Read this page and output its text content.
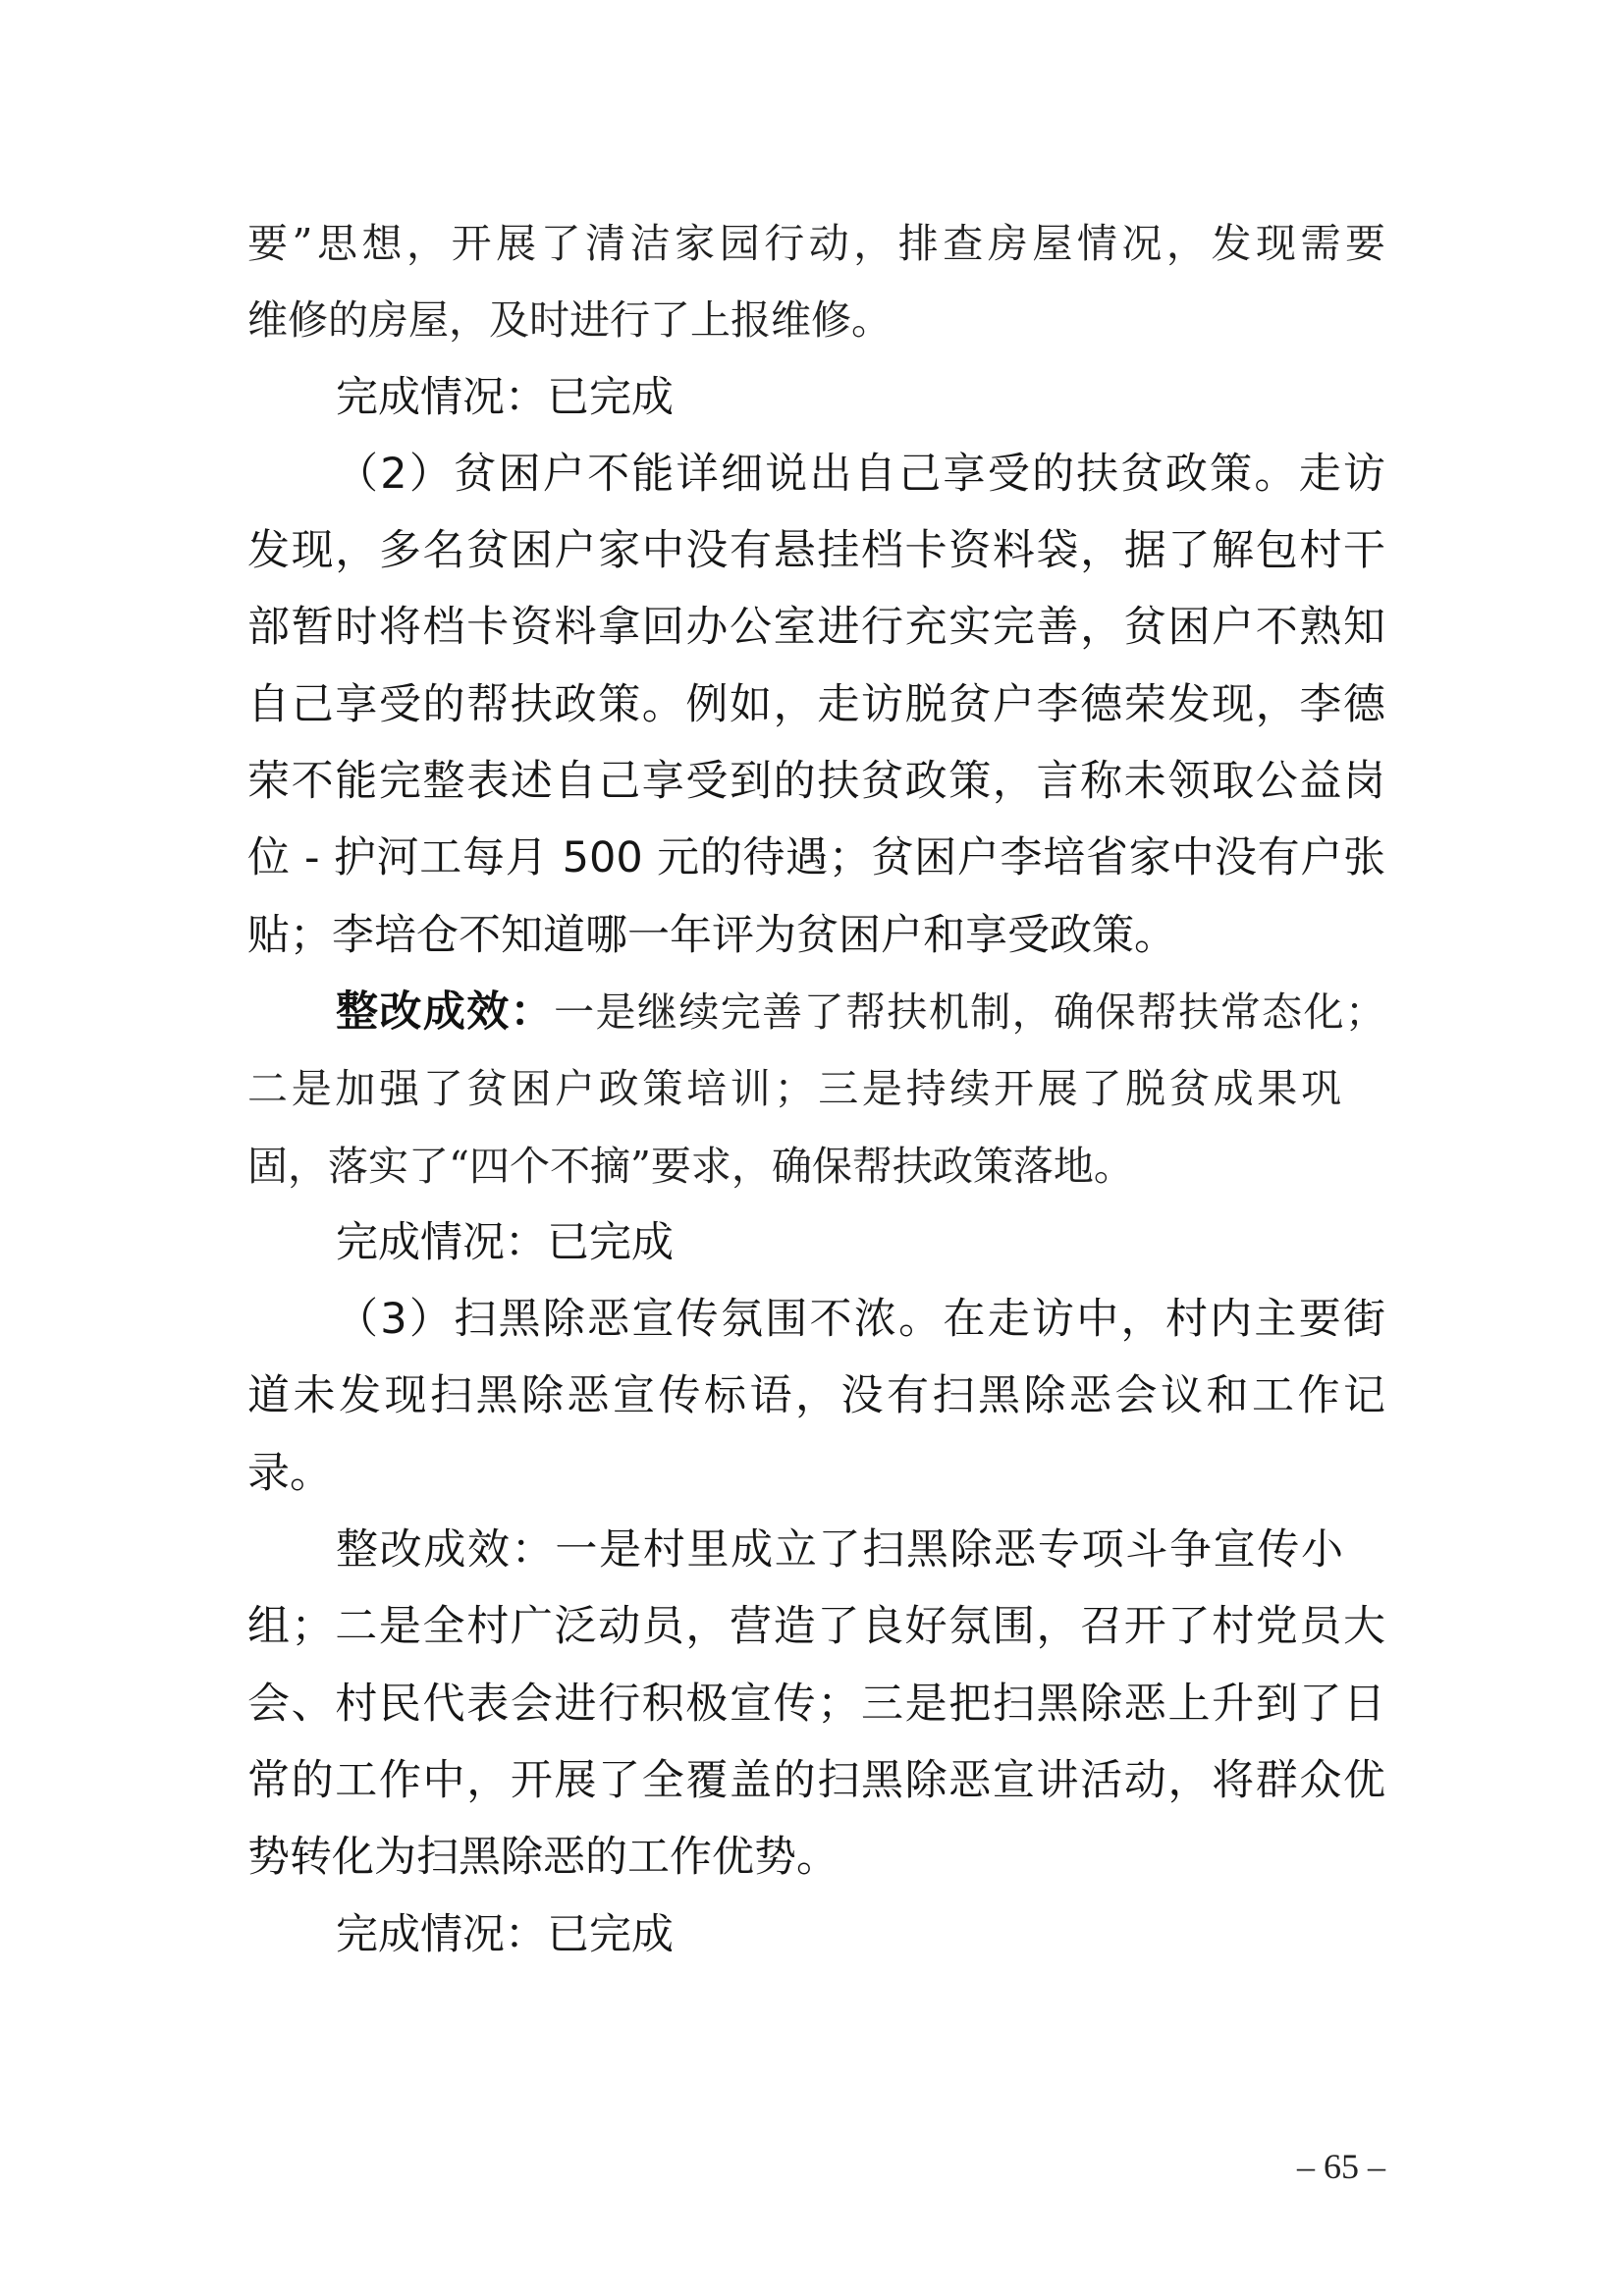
要”思想，开展了清洁家园行动，排查房屋情况，发现需要
维修的房屋，及时进行了上报维修。
完成情况：已完成
（2）贫困户不能详细说出自己享受的扶贫政策。走访
发现，多名贫困户家中没有悬挂档卡资料袋，据了解包村干
部暂时将档卡资料拿回办公室进行充实完善，贫困户不熟知
自己享受的帮扶政策。例如，走访脱贫户李德荣发现，李德
荣不能完整表述自己享受到的扶贫政策，言称未领取公益岗
位 - 护河工每月 500 元的待遇；贫困户李培省家中没有户张
贴；李培仓不知道哪一年评为贫困户和享受政策。
整改成效：一是继续完善了帮扶机制，确保帮扶常态化；
二是加强了贫困户政策培训；三是持续开展了脱贫成果巩
固，落实了“四个不摘”要求，确保帮扶政策落地。
完成情况：已完成
（3）扫黑除恶宣传氛围不浓。在走访中，村内主要街
道未发现扫黑除恶宣传标语，没有扫黑除恶会议和工作记
录。
整改成效：一是村里成立了扫黑除恶专项斗争宣传小
组；二是全村广泛动员，营造了良好氛围，召开了村党员大
会、村民代表会进行积极宣传；三是把扫黑除恶上升到了日
常的工作中，开展了全覆盖的扫黑除恶宣讲活动，将群众优
势转化为扫黑除恶的工作优势。
完成情况：已完成
– 65 –
